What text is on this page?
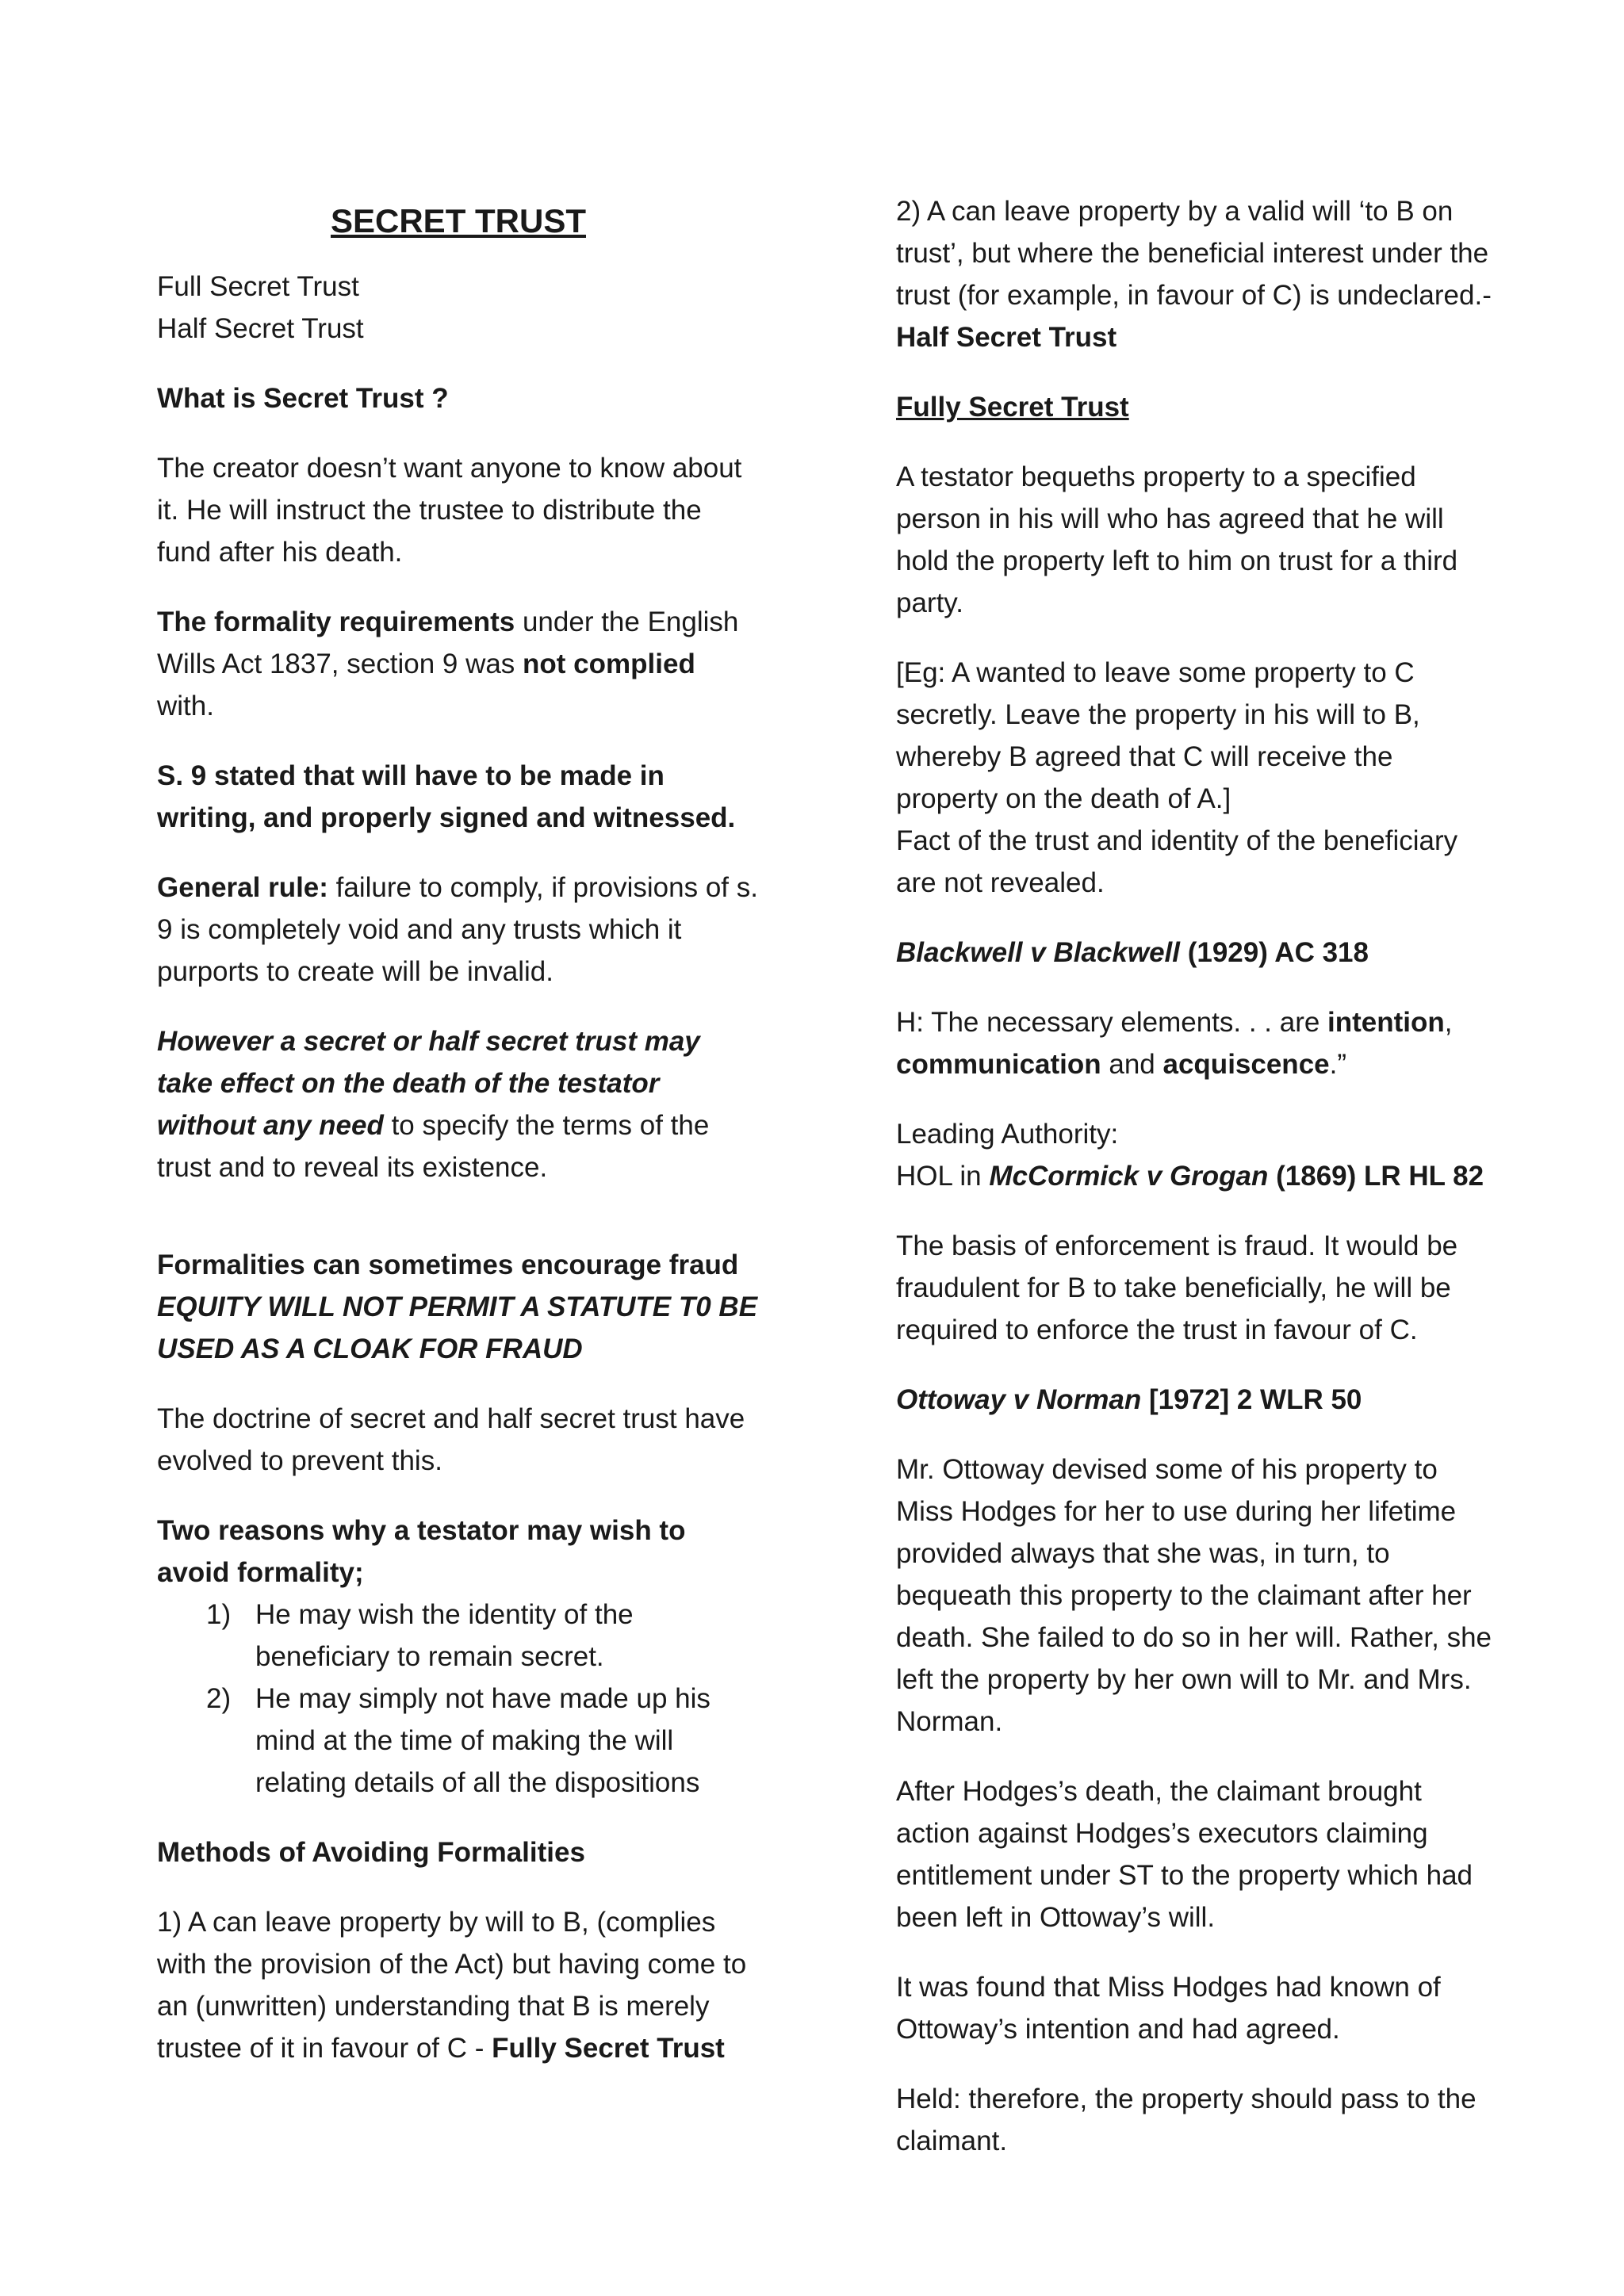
SECRET TRUST

Full Secret Trust
Half Secret Trust

What is Secret Trust ?

The creator doesn’t want anyone to know about it. He will instruct the trustee to distribute the fund after his death.

The formality requirements under the English Wills Act 1837, section 9 was not complied with.

S. 9 stated that will have to be made in writing, and properly signed and witnessed.

General rule: failure to comply, if provisions of s. 9 is completely void and any trusts which it purports to create will be invalid.

However a secret or half secret trust may take effect on the death of the testator without any need to specify the terms of the trust and to reveal its existence.

Formalities can sometimes encourage fraud
EQUITY WILL NOT PERMIT A STATUTE T0 BE USED AS A CLOAK FOR FRAUD

The doctrine of secret and half secret trust have evolved to prevent this.

Two reasons why a testator may wish to avoid formality;
1) He may wish the identity of the beneficiary to remain secret.
2) He may simply not have made up his mind at the time of making the will relating details of all the dispositions

Methods of Avoiding Formalities

1) A can leave property by will to B, (complies with the provision of the Act) but having come to an (unwritten) understanding that B is merely trustee of it in favour of C - Fully Secret Trust

2) A can leave property by a valid will ‘to B on trust’, but where the beneficial interest under the trust (for example, in favour of C) is undeclared.- Half Secret Trust

Fully Secret Trust

A testator bequeths property to a specified person in his will who has agreed that he will hold the property left to him on trust for a third party.

[Eg: A wanted to leave some property to C secretly. Leave the property in his will to B, whereby B agreed that C will receive the property on the death of A.]
Fact of the trust and identity of the beneficiary are not revealed.

Blackwell v Blackwell (1929) AC 318

H: The necessary elements. . . are intention, communication and acquiscence.”

Leading Authority:
HOL in McCormick v Grogan (1869) LR HL 82

The basis of enforcement is fraud. It would be fraudulent for B to take beneficially, he will be required to enforce the trust in favour of C.

Ottoway v Norman [1972] 2 WLR 50

Mr. Ottoway devised some of his property to Miss Hodges for her to use during her lifetime provided always that she was, in turn, to bequeath this property to the claimant after her death. She failed to do so in her will. Rather, she left the property by her own will to Mr. and Mrs. Norman.

After Hodges’s death, the claimant brought action against Hodges’s executors claiming entitlement under ST to the property which had been left in Ottoway’s will.

It was found that Miss Hodges had known of Ottoway’s intention and had agreed.

Held: therefore, the property should pass to the claimant.
